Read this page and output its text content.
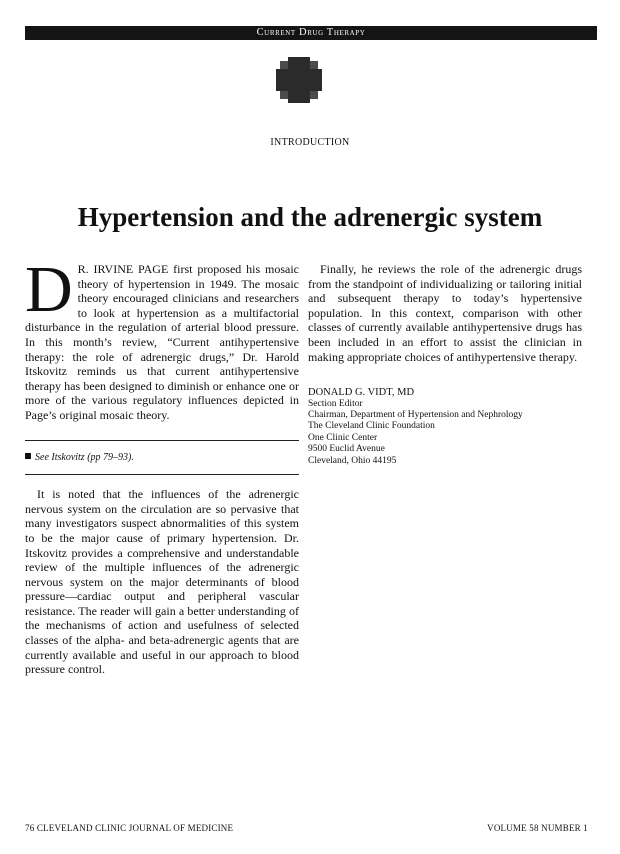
Current Drug Therapy
INTRODUCTION
Hypertension and the adrenergic system

D R. IRVINE PAGE first proposed his mosaic theory of hypertension in 1949. The mosaic theory encouraged clinicians and researchers to look at hypertension as a multifactorial disturbance in the regulation of arterial blood pressure. In this month’s review, “Current antihypertensive therapy: the role of adrenergic drugs,” Dr. Harold Itskovitz reminds us that current antihypertensive therapy has been designed to diminish or enhance one or more of the various regulatory influences depicted in Page’s original mosaic theory.

See Itskovitz (pp 79–93).

It is noted that the influences of the adrenergic nervous system on the circulation are so pervasive that many investigators suspect abnormalities of this system to be the major cause of primary hypertension. Dr. Itskovitz provides a comprehensive and understandable review of the multiple influences of the adrenergic nervous system on the major determinants of blood pressure—cardiac output and peripheral vascular resistance. The reader will gain a better understanding of the mechanisms of action and usefulness of selected classes of the alpha- and beta-adrenergic agents that are currently available and useful in our approach to blood pressure control.

Finally, he reviews the role of the adrenergic drugs from the standpoint of individualizing or tailoring initial and subsequent therapy to today’s hypertensive population. In this context, comparison with other classes of currently available antihypertensive drugs has been included in an effort to assist the clinician in making appropriate choices of antihypertensive therapy.

DONALD G. VIDT, MD
Section Editor
Chairman, Department of Hypertension and Nephrology
The Cleveland Clinic Foundation
One Clinic Center
9500 Euclid Avenue
Cleveland, Ohio 44195
76 CLEVELAND CLINIC JOURNAL OF MEDICINE	VOLUME 58 NUMBER 1
